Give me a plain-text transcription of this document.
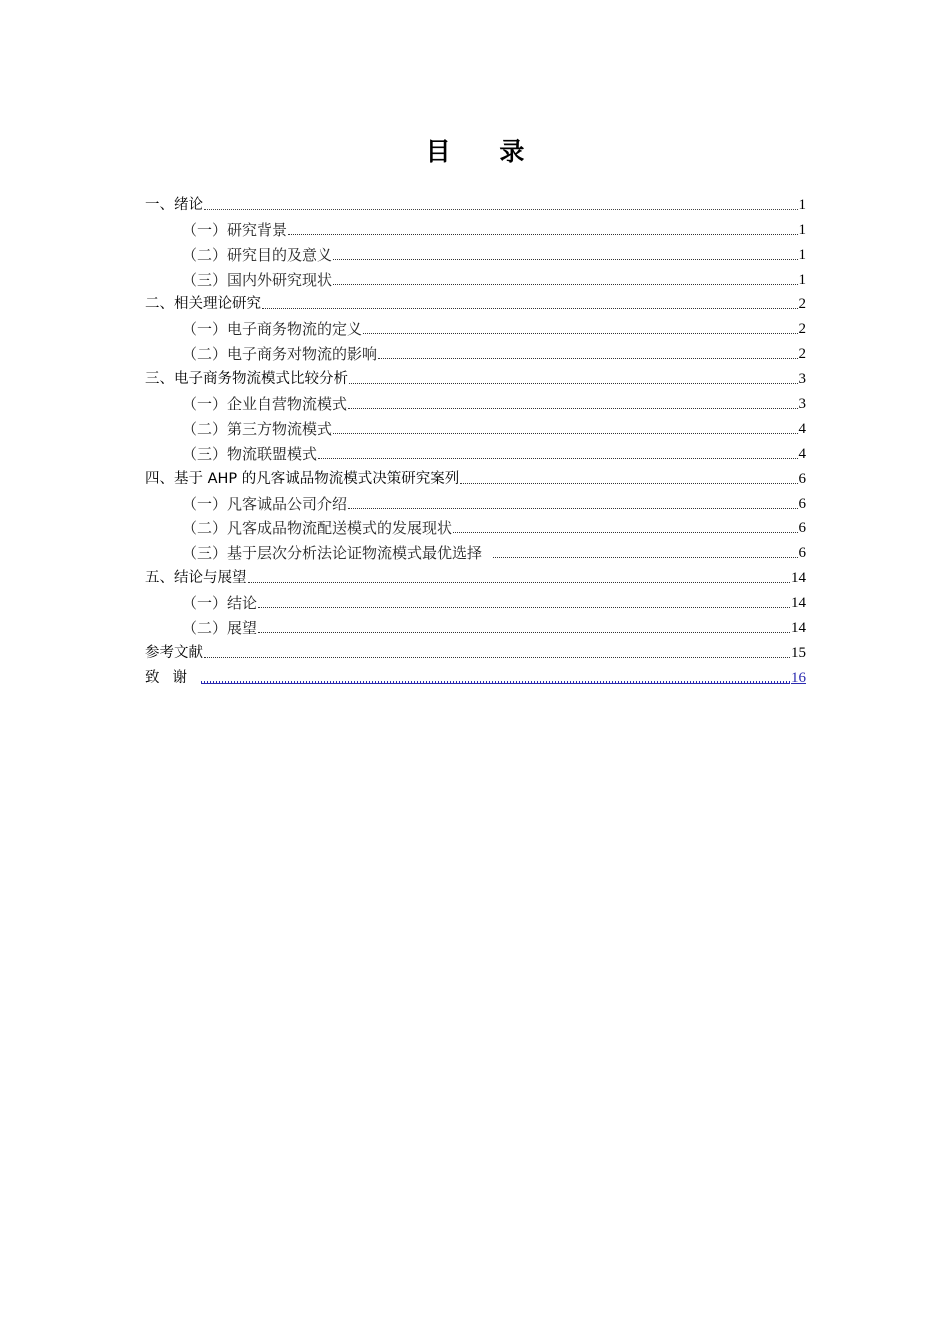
目 录
一、绪论	1
（一）研究背景	1
（二）研究目的及意义	1
（三）国内外研究现状	1
二、相关理论研究	2
（一）电子商务物流的定义	2
（二）电子商务对物流的影响	2
三、电子商务物流模式比较分析	3
（一）企业自营物流模式	3
（二）第三方物流模式	4
（三）物流联盟模式	4
四、基于 AHP 的凡客诚品物流模式决策研究案列	6
（一）凡客诚品公司介绍	6
（二）凡客成品物流配送模式的发展现状	6
（三）基于层次分析法论证物流模式最优选择	6
五、结论与展望	14
（一）结论	14
（二）展望	14
参考文献	15
致谢	16
